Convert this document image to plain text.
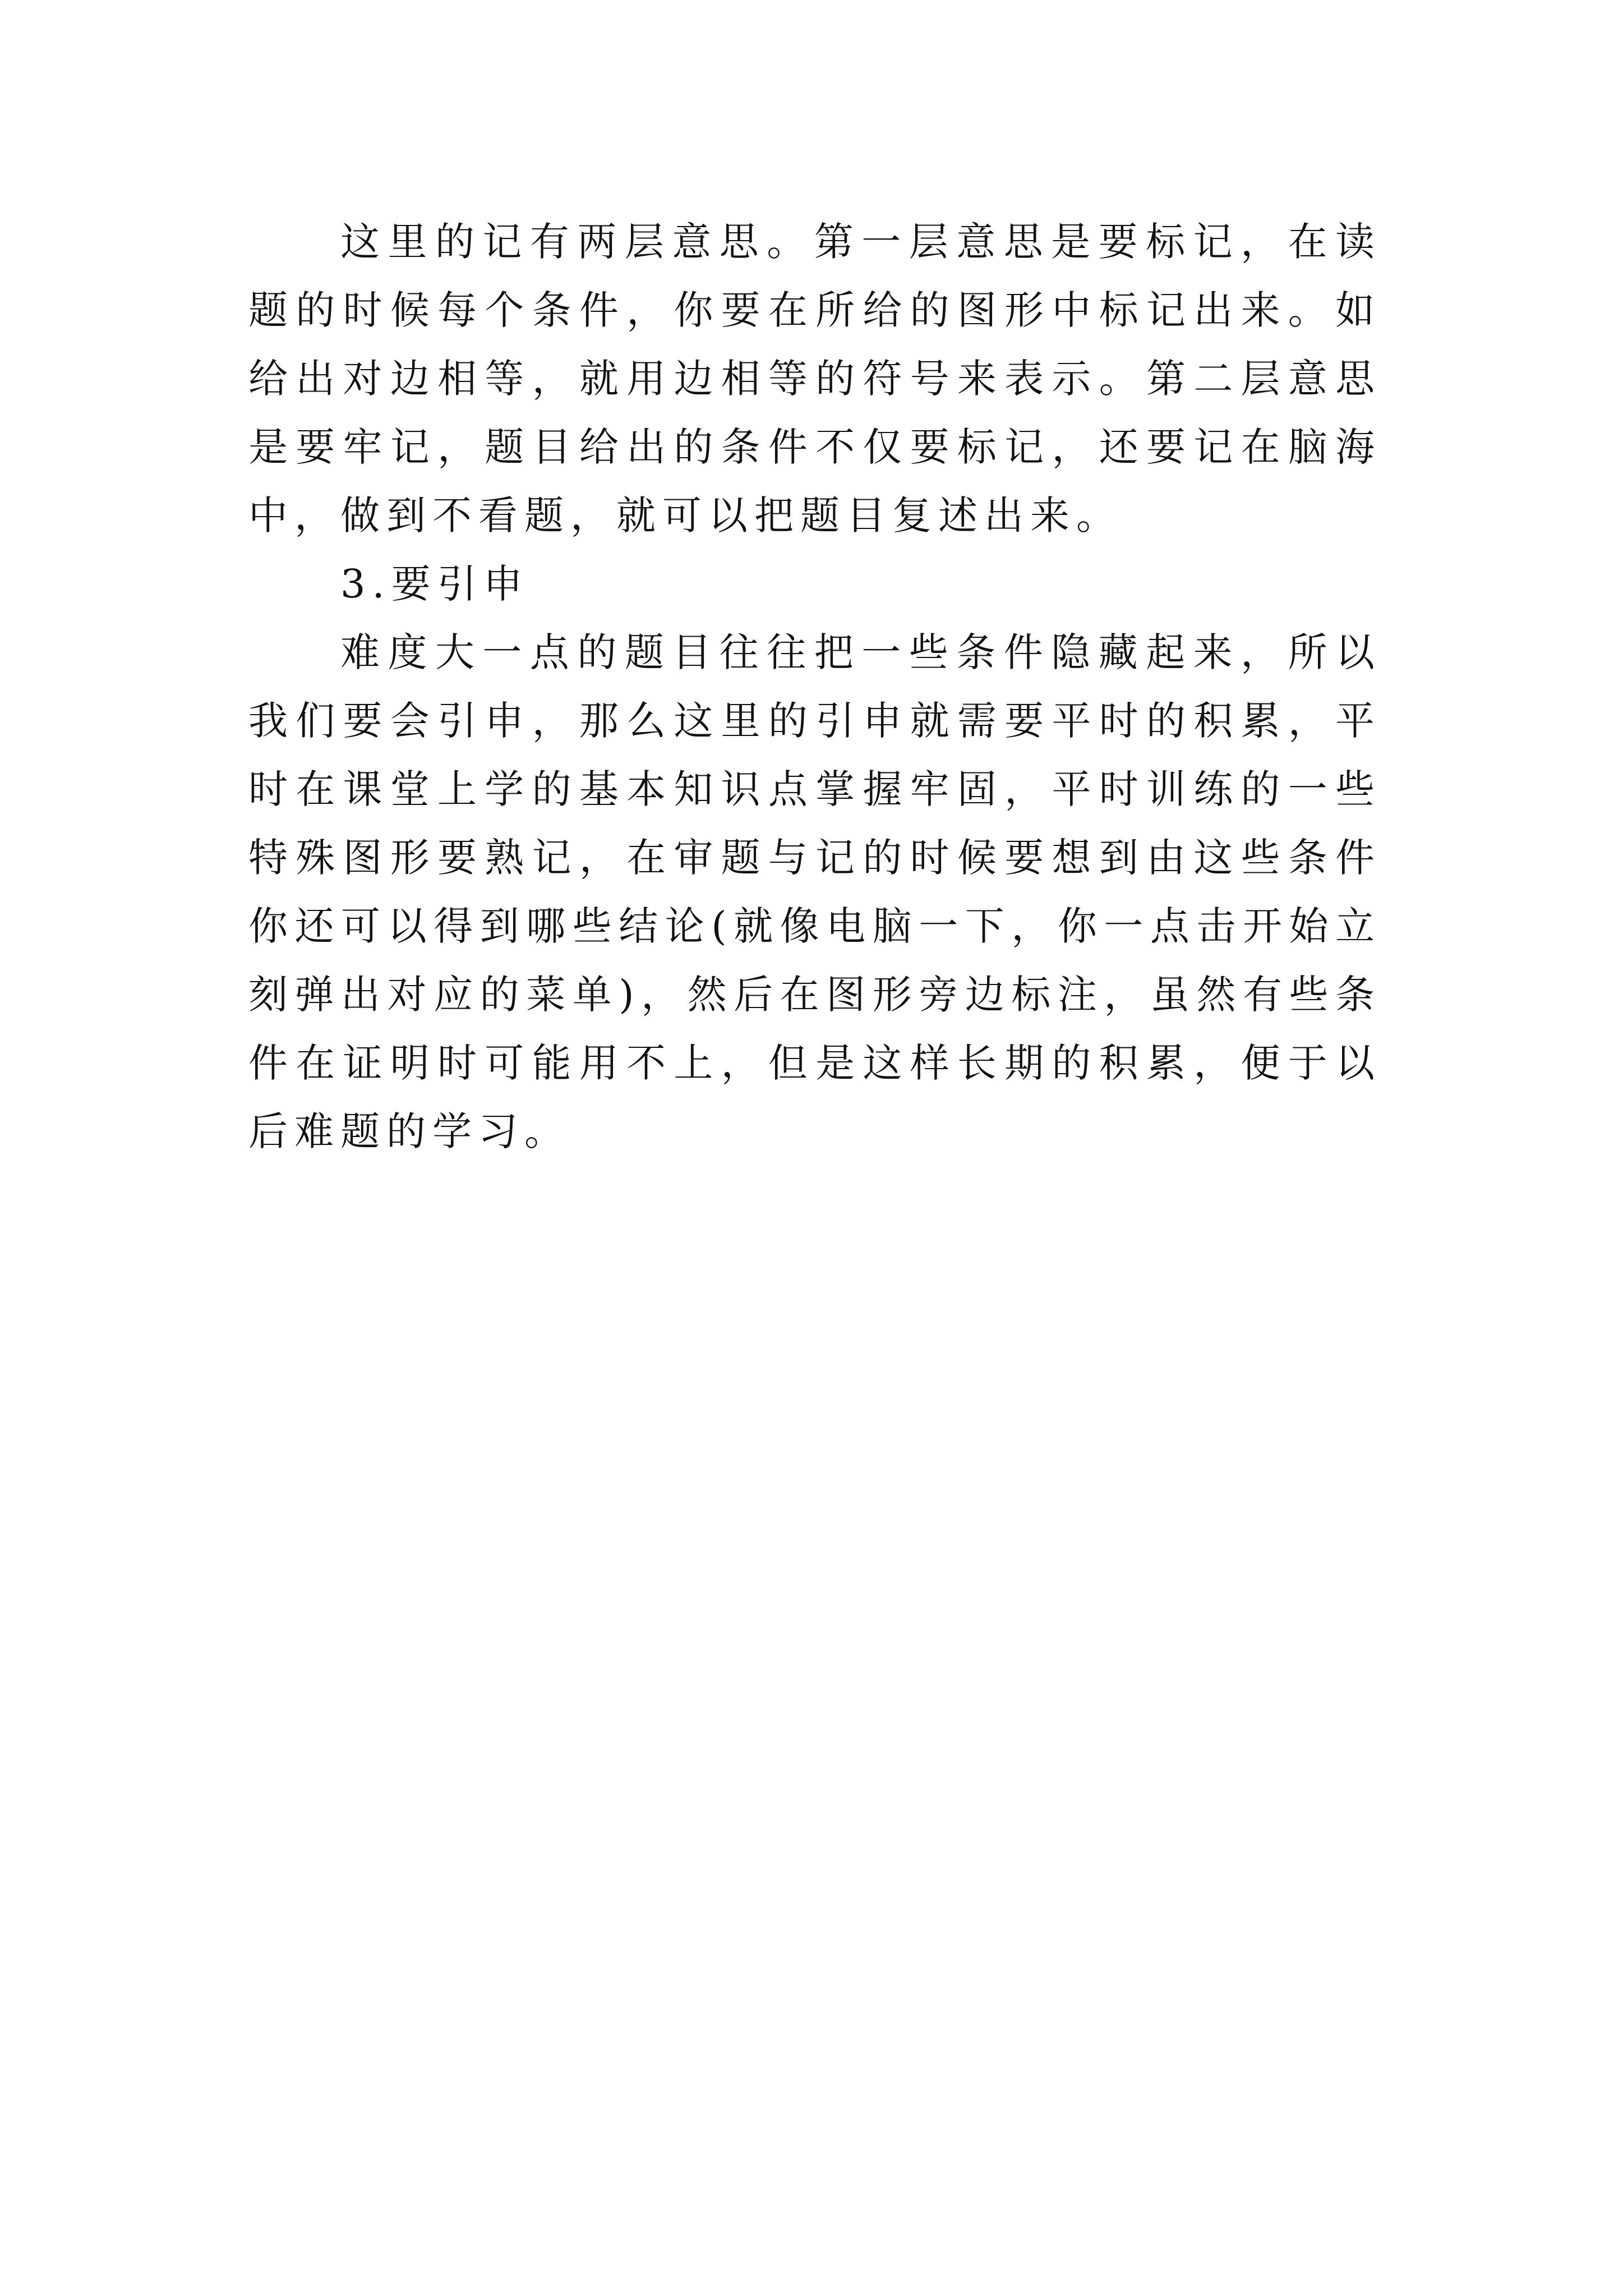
这里的记有两层意思。第一层意思是要标记，在读题的时候每个条件，你要在所给的图形中标记出来。如给出对边相等，就用边相等的符号来表示。第二层意思是要牢记，题目给出的条件不仅要标记，还要记在脑海中，做到不看题，就可以把题目复述出来。

3.要引申

难度大一点的题目往往把一些条件隐藏起来，所以我们要会引申，那么这里的引申就需要平时的积累，平时在课堂上学的基本知识点掌握牢固，平时训练的一些特殊图形要熟记，在审题与记的时候要想到由这些条件你还可以得到哪些结论(就像电脑一下，你一点击开始立刻弹出对应的菜单)，然后在图形旁边标注，虽然有些条件在证明时可能用不上，但是这样长期的积累，便于以后难题的学习。
